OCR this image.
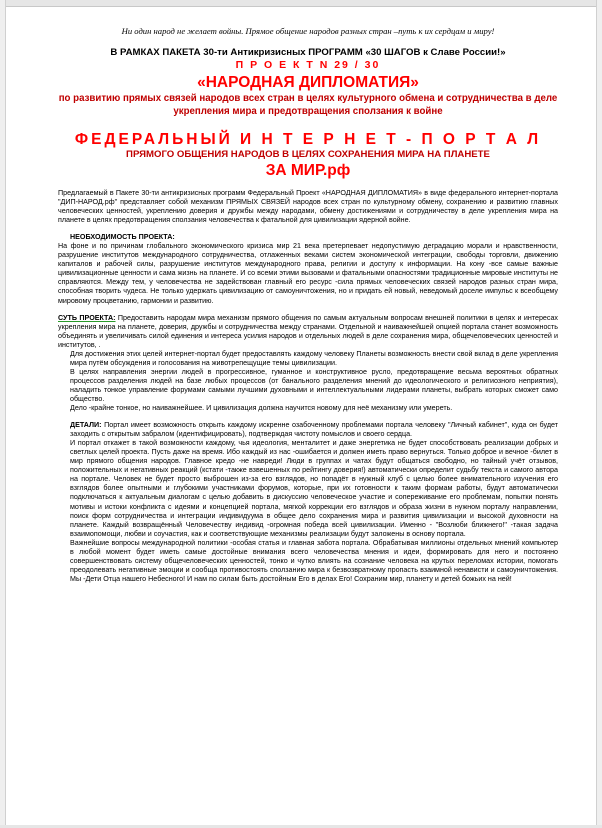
Ни один народ не желает войны. Прямое общение народов разных стран –путь к их сердцам и миру!
В РАМКАХ ПАКЕТА 30-ти Антикризисных ПРОГРАММ «30 ШАГОВ к Славе России!»
П Р О Е К Т N 29 / 30
«НАРОДНАЯ ДИПЛОМАТИЯ»
по развитию прямых связей народов всех стран в целях культурного обмена и сотрудничества в деле укрепления мира и предотвращения сползания к войне
ФЕДЕРАЛЬНЫЙ И Н Т Е Р Н Е Т - П О Р Т А Л
ПРЯМОГО ОБЩЕНИЯ НАРОДОВ В ЦЕЛЯХ СОХРАНЕНИЯ МИРА НА ПЛАНЕТЕ
ЗА МИР.рф

Предлагаемый в Пакете 30-ти антикризисных программ Федеральный Проект «НАРОДНАЯ ДИПЛОМАТИЯ» в виде федерального интернет-портала "ДИП-НАРОД.рф" представляет собой механизм ПРЯМЫХ СВЯЗЕЙ народов всех стран по культурному обмену, сохранению и развитию главных человеческих ценностей, укреплению доверия и дружбы между народами, обмену достижениями и сотрудничеству в деле укрепления мира на планете в целях предотвращения сползания человечества к фатальной для цивилизации ядерной войне.

НЕОБХОДИМОСТЬ ПРОЕКТА:

На фоне и по причинам глобального экономического кризиса мир 21 века претерпевает недопустимую деградацию морали и нравственности, разрушение институтов международного сотрудничества, отлаженных веками систем экономической интеграции, свободы торговли, движению капиталов и рабочей силы, разрушение институтов международного права, религии и доступу к информации. На кону -все самые важные цивилизационные ценности и сама жизнь на планете. И со всеми этими вызовами и фатальными опасностями традиционные мировые институты не справляются. Между тем, у человечества не задействован главный его ресурс -сила прямых человеческих связей народов разных стран мира, способная творить чудеса. Не только удержать цивилизацию от самоуничтожения, но и придать ей новый, неведомый доселе импульс к всеобщему мировому процветанию, гармонии и развитию.

СУТЬ ПРОЕКТА: Предоставить народам мира механизм прямого общения по самым актуальным вопросам внешней политики в целях и интересах укрепления мира на планете, доверия, дружбы и сотрудничества между странами. Отдельной и наиважнейшей опцией портала станет возможность объединять и увеличивать силой единения и интереса усилия народов и отдельных людей в деле сохранения мира, общечеловеческих ценностей и институтов, .

Для достижения этих целей интернет-портал будет предоставлять каждому человеку Планеты возможность внести свой вклад в деле укрепления мира путём обсуждения и голосования на животрепещущие темы цивилизации.

В целях направления энергии людей в прогрессивное, гуманное и конструктивное русло, предотвращение весьма вероятных обратных процессов разделения людей на базе любых процессов (от банального разделения мнений до идеологического и религиозного неприятия), наладить тонкое управление форумами самыми лучшими духовными и интеллектуальными лидерами планеты, выбрать которых сможет само общество.

Дело -крайне тонкое, но наиважнейшее. И цивилизация должна научится новому для неё механизму или умереть.

ДЕТАЛИ: Портал имеет возможность открыть каждому искренне озабоченному проблемами портала человеку "Личный кабинет", куда он будет заходить с открытым забралом (идентифицировать), подтверждая чистоту помыслов и своего сердца.

И портал откажет в такой возможности каждому, чья идеология, менталитет и даже энергетика не будет способствовать реализации добрых и светлых целей проекта. Пусть даже на время. Ибо каждый из нас -ошибается и должен иметь право вернуться. Только доброе и вечное -билет в мир прямого общения народов. Главное кредо -не навреди! Люди в группах и чатах будут общаться свободно, но тайный учёт отзывов, положительных и негативных реакций (кстати -также взвешенных по рейтингу доверия!) автоматически определит судьбу текста и самого автора на портале. Человек не будет просто выброшен из-за его взглядов, но попадёт в нужный клуб с целью более внимательного изучения его взглядов более опытными и глубокими участниками форумов, которые, при их готовности к таким формам работы, будут автоматически подключаться к актуальным диалогам с целью добавить в дискуссию человеческое участие и сопереживание его проблемам, попытки понять мотивы и истоки конфликта с идеями и концепцией портала, мягкой коррекции его взглядов и образа жизни в нужном порталу направлении, поиск форм сотрудничества и интеграции индивидуума в общее дело сохранения мира и развития цивилизации и высокой духовности на планете. Каждый возвращённый Человечеству индивид -огромная победа всей цивилизации. Именно - "Возлюби ближнего!" -такая задача взаимопомощи, любви и соучастия, как и соответствующие механизмы реализации будут заложены в основу портала.

Важнейшие вопросы международной политики -особая статья и главная забота портала. Обрабатывая миллионы отдельных мнений компьютер в любой момент будет иметь самые достойные внимания всего человечества мнения и идеи, формировать для него и постоянно совершенствовать систему общечеловеческих ценностей, тонко и чутко влиять на сознание человека на крутых переломах истории, помогать преодолевать негативные эмоции и сообща противостоять сползанию мира к безвозвратному пропасть взаимной ненависти и самоуничтожения. Мы -Дети Отца нашего Небесного! И нам по силам быть достойным Его в делах Его! Сохраним мир, планету и детей божьих на ней!
